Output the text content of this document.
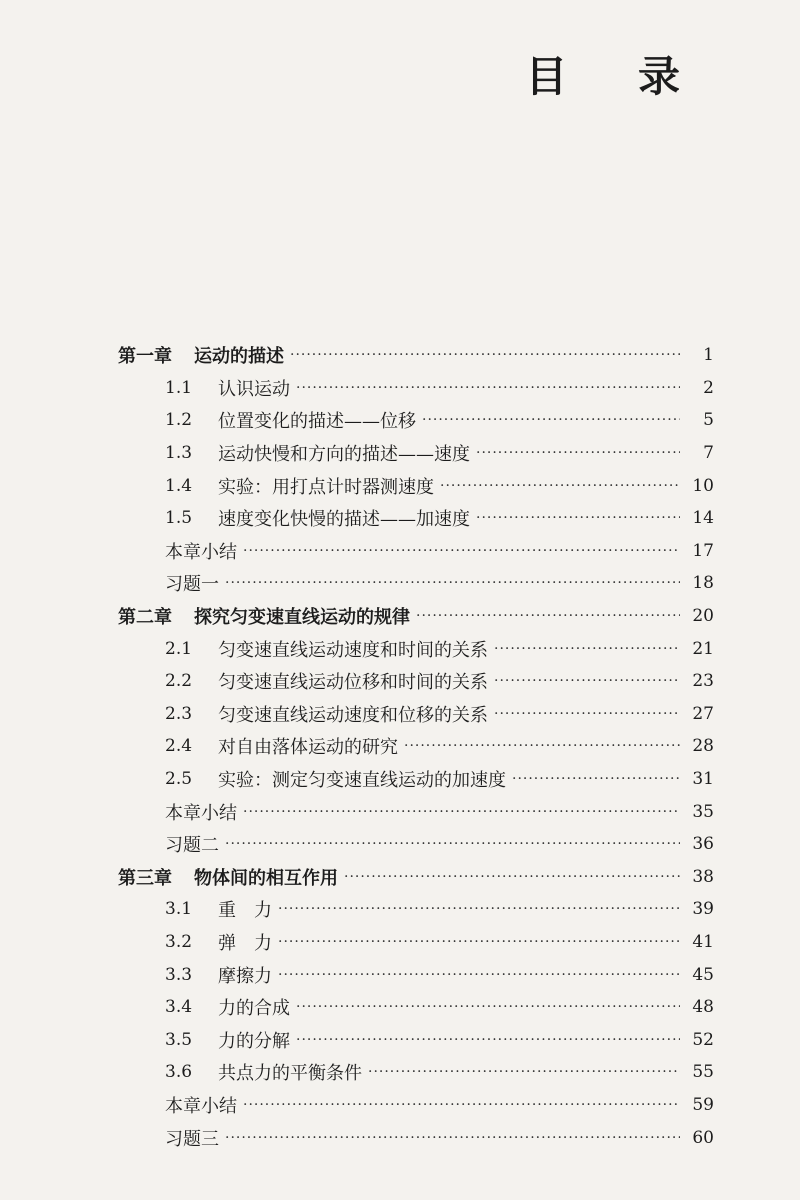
目 录
第一章 运动的描述 ·····	1
1.1	认识运动 ·····	2
1.2	位置变化的描述——位移 ·····	5
1.3	运动快慢和方向的描述——速度 ·····	7
1.4	实验：用打点计时器测速度 ·····	10
1.5	速度变化快慢的描述——加速度 ·····	14
本章小结 ·····	17
习题一 ·····	18
第二章 探究匀变速直线运动的规律 ·····	20
2.1	匀变速直线运动速度和时间的关系 ·····	21
2.2	匀变速直线运动位移和时间的关系 ·····	23
2.3	匀变速直线运动速度和位移的关系 ·····	27
2.4	对自由落体运动的研究 ·····	28
2.5	实验：测定匀变速直线运动的加速度 ·····	31
本章小结 ·····	35
习题二 ·····	36
第三章 物体间的相互作用 ·····	38
3.1	重　力 ·····	39
3.2	弹　力 ·····	41
3.3	摩擦力 ·····	45
3.4	力的合成 ·····	48
3.5	力的分解 ·····	52
3.6	共点力的平衡条件 ·····	55
本章小结 ·····	59
习题三 ·····	60
